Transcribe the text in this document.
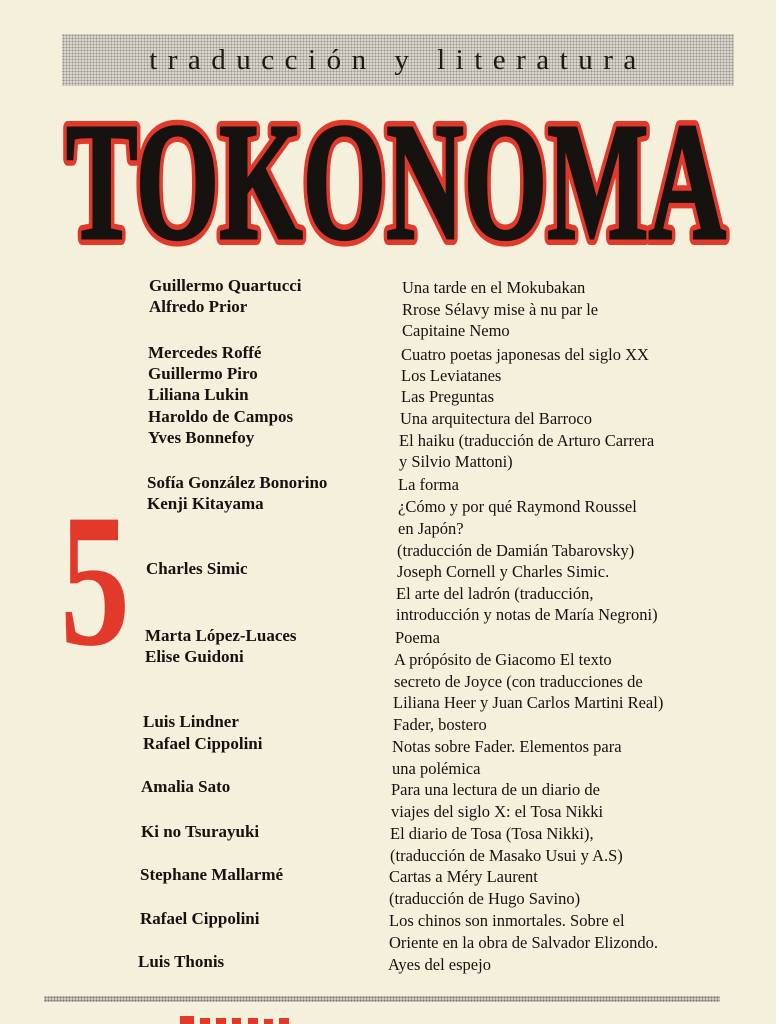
traducción y literatura
TOKONOMA
TOKONOMA
5
Guillermo Quartucci
Alfredo Prior
Mercedes Roffé
Guillermo Piro
Liliana Lukin
Haroldo de Campos
Yves Bonnefoy
Sofía González Bonorino
Kenji Kitayama
Charles Simic
Marta López-Luaces
Elise Guidoni
Luis Lindner
Rafael Cippolini
Amalia Sato
Ki no Tsurayuki
Stephane Mallarmé
Rafael Cippolini
Luis Thonis
Una tarde en el Mokubakan
Rrose Sélavy mise à nu par le
Capitaine Nemo
Cuatro poetas japonesas del siglo XX
Los Leviatanes
Las Preguntas
Una arquitectura del Barroco
El haiku (traducción de Arturo Carrera
y Silvio Mattoni)
La forma
¿Cómo y por qué Raymond Roussel
en Japón?
(traducción de Damián Tabarovsky)
Joseph Cornell y Charles Simic.
El arte del ladrón (traducción,
introducción y notas de María Negroni)
Poema
A própósito de Giacomo El texto
secreto de Joyce (con traducciones de
Liliana Heer y Juan Carlos Martini Real)
Fader, bostero
Notas sobre Fader. Elementos para
una polémica
Para una lectura de un diario de
viajes del siglo X: el Tosa Nikki
El diario de Tosa (Tosa Nikki),
(traducción de Masako Usui y A.S)
Cartas a Méry Laurent
(traducción de Hugo Savino)
Los chinos son inmortales. Sobre el
Oriente en la obra de Salvador Elizondo.
Ayes del espejo
